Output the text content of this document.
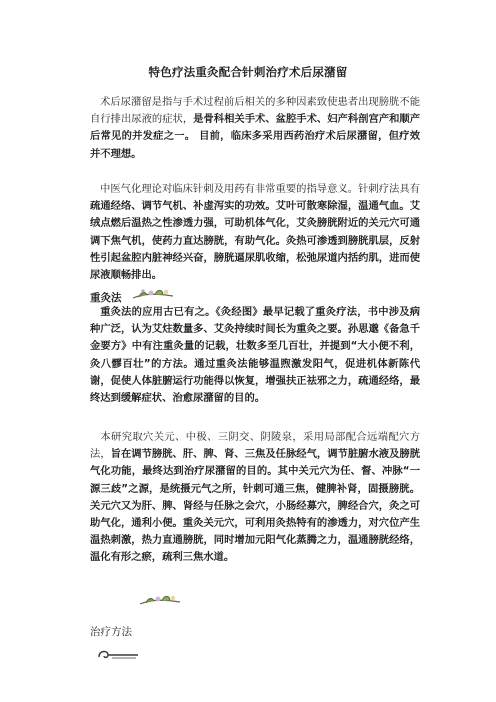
特色疗法重灸配合针刺治疗术后尿潴留

术后尿潴留是指与手术过程前后相关的多种因素致使患者出现膀胱不能自行排出尿液的症状，是骨科相关手术、盆腔手术、妇产科剖宫产和顺产后常见的并发症之一。 目前，临床多采用西药治疗术后尿潴留，但疗效并不理想。

中医气化理论对临床针刺及用药有非常重要的指导意义。针刺疗法具有疏通经络、调节气机、补虚泻实的功效。艾叶可散寒除湿，温通气血。艾绒点燃后温热之性渗透力强，可助机体气化，艾灸膀胱附近的关元穴可通调下焦气机，使药力直达膀胱，有助气化。灸热可渗透到膀胱肌层，反射性引起盆腔内脏神经兴奋，膀胱逼尿肌收缩，松弛尿道内括约肌，进而使尿液顺畅排出。

重灸法

重灸法的应用古已有之。《灸经图》最早记载了重灸疗法，书中涉及病种广泛，认为艾炷数量多、艾灸持续时间长为重灸之要。孙思邈《备急千金要方》中有注重灸量的记载，壮数多至几百壮，并提到“大小便不利，灸八髎百壮”的方法。通过重灸法能够温煦激发阳气，促进机体新陈代谢，促使人体脏腑运行功能得以恢复，增强扶正祛邪之力，疏通经络，最终达到缓解症状、治愈尿潴留的目的。

本研究取穴关元、中极、三阴交、阴陵泉，采用局部配合远端配穴方法，旨在调节膀胱、肝、脾、肾、三焦及任脉经气，调节脏腑水液及膀胱气化功能，最终达到治疗尿潴留的目的。其中关元穴为任、督、冲脉“一源三歧”之源，是统摄元气之所，针刺可通三焦，健脾补肾，固摄膀胱。关元穴又为肝、脾、肾经与任脉之会穴，小肠经募穴，脾经合穴，灸之可助气化，通利小便。重灸关元穴，可利用灸热特有的渗透力，对穴位产生温热刺激，热力直通膀胱，同时增加元阳气化蒸腾之力，温通膀胱经络，温化有形之瘀，疏利三焦水道。

治疗方法
